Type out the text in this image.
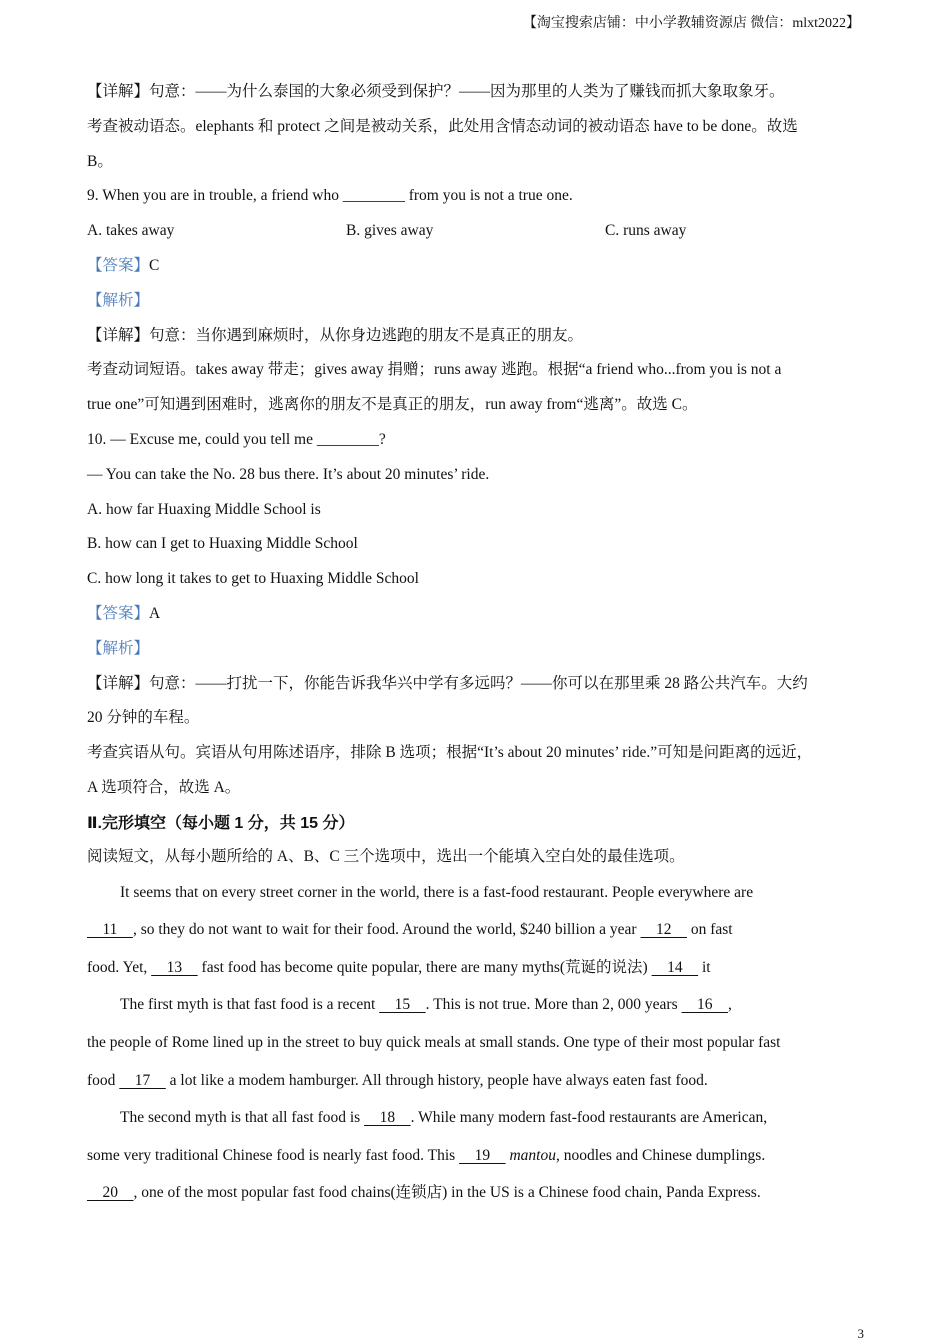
【淘宝搜索店铺：中小学教辅资源店 微信：mlxt2022】

【详解】句意：——为什么泰国的大象必须受到保护？——因为那里的人类为了赚钱而抓大象取象牙。

考查被动语态。elephants 和 protect 之间是被动关系，此处用含情态动词的被动语态 have to be done。故选

B。

9. When you are in trouble, a friend who ________ from you is not a true one.

A. takes away	B. gives away	C. runs away

【答案】C

【解析】

【详解】句意：当你遇到麻烦时，从你身边逃跑的朋友不是真正的朋友。

考查动词短语。takes away 带走；gives away 捐赠；runs away 逃跑。根据“a friend who...from you is not a

true one”可知遇到困难时，逃离你的朋友不是真正的朋友，run away from“逃离”。故选 C。

10. — Excuse me, could you tell me ________?

— You can take the No. 28 bus there. It’s about 20 minutes’ ride.

A. how far Huaxing Middle School is

B. how can I get to Huaxing Middle School

C. how long it takes to get to Huaxing Middle School

【答案】A

【解析】

【详解】句意：——打扰一下，你能告诉我华兴中学有多远吗？——你可以在那里乘 28 路公共汽车。大约

20 分钟的车程。

考查宾语从句。宾语从句用陈述语序，排除 B 选项；根据“It’s about 20 minutes’ ride.”可知是问距离的远近，

A 选项符合，故选 A。

Ⅱ.完形填空（每小题 1 分，共 15 分）

阅读短文，从每小题所给的 A、B、C 三个选项中，选出一个能填入空白处的最佳选项。

It seems that on every street corner in the world, there is a fast-food restaurant. People everywhere are

11    , so they do not want to wait for their food. Around the world, $240 billion a year     12     on fast

food. Yet,     13     fast food has become quite popular, there are many myths(荒诞的说法)     14     it

The first myth is that fast food is a recent     15    . This is not true. More than 2, 000 years     16    ,

the people of Rome lined up in the street to buy quick meals at small stands. One type of their most popular fast

food     17     a lot like a modem hamburger. All through history, people have always eaten fast food.

The second myth is that all fast food is     18    . While many modern fast-food restaurants are American,

some very traditional Chinese food is nearly fast food. This     19     mantou, noodles and Chinese dumplings.

20    , one of the most popular fast food chains(连锁店) in the US is a Chinese food chain, Panda Express.

3
